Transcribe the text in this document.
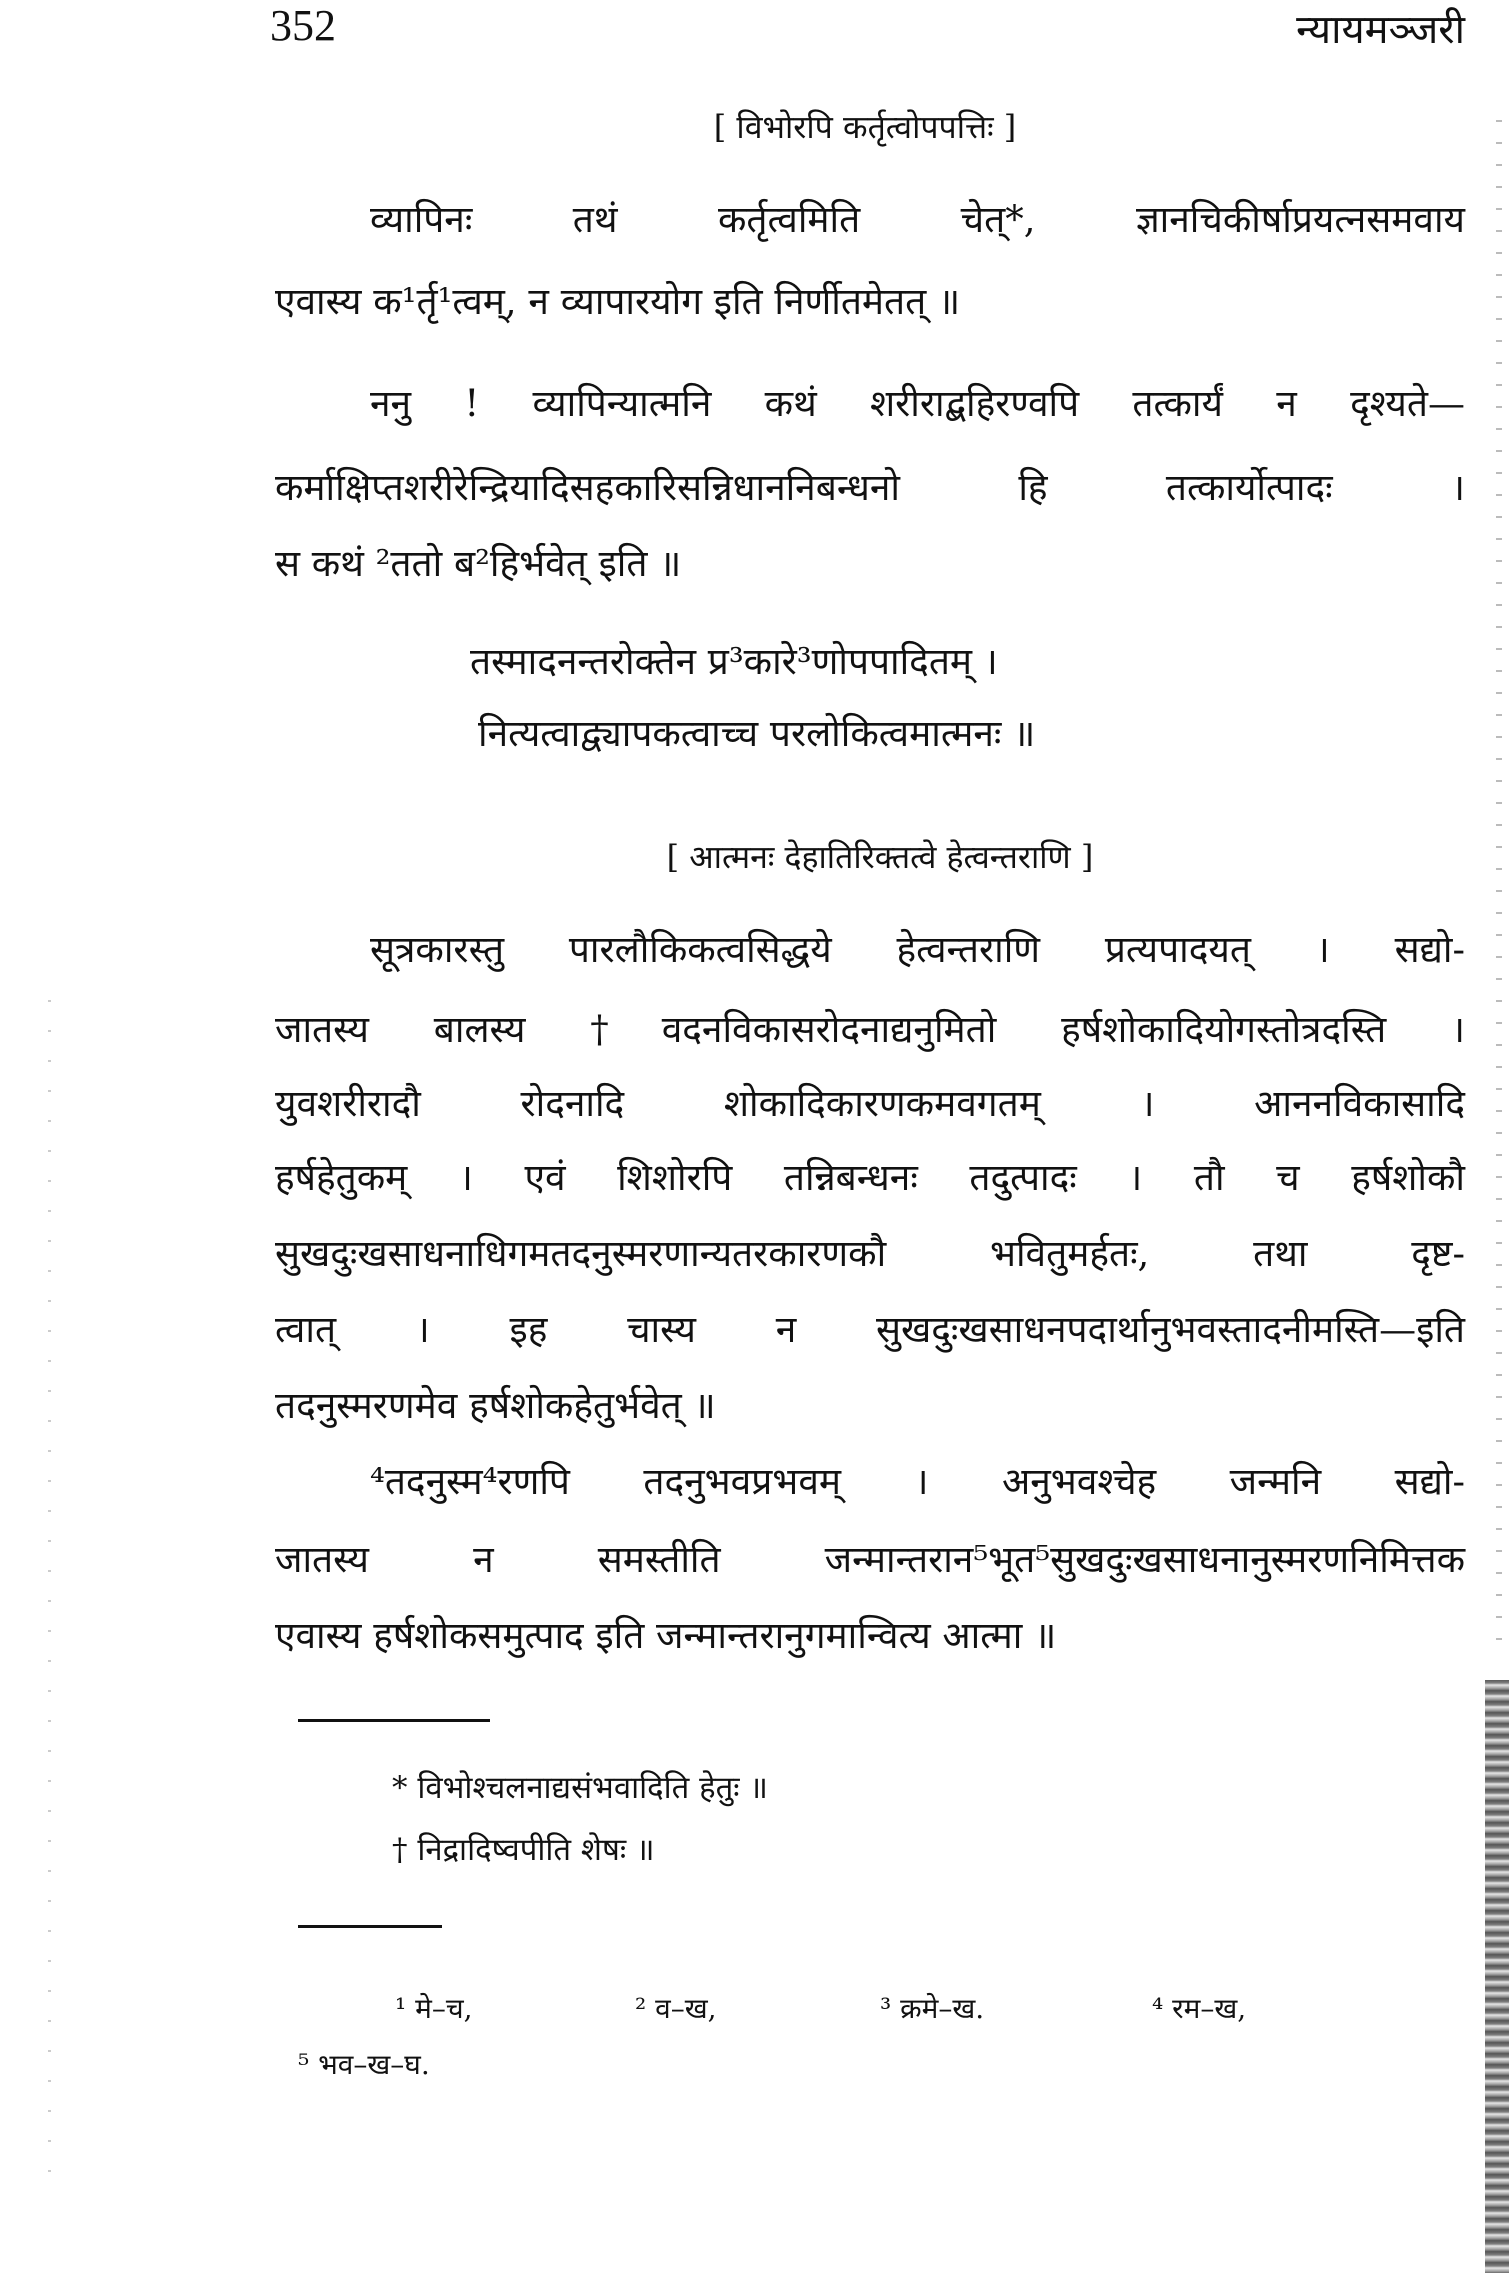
352	न्यायमञ्जरी
[ विभोरपि कर्तृत्वोपपत्तिः ]
व्यापिनः तथं कर्तृत्वमिति चेत्*, ज्ञानचिकीर्षाप्रयत्नसमवाय
एवास्य क¹र्तृ¹त्वम्, न व्यापारयोग इति निर्णीतमेतत् ॥
ननु ! व्यापिन्यात्मनि कथं शरीराद्बहिरण्वपि तत्कार्यं न दृश्यते—
कर्माक्षिप्तशरीरेन्द्रियादिसहकारिसन्निधाननिबन्धनो हि तत्कार्योत्पादः ।
स कथं ²ततो ब²हिर्भवेत् इति ॥
तस्मादनन्तरोक्तेन प्र³कारे³णोपपादितम् ।
नित्यत्वाद्व्यापकत्वाच्च परलोकित्वमात्मनः ॥
[ आत्मनः देहातिरिक्तत्वे हेत्वन्तराणि ]
सूत्रकारस्तु पारलौकिकत्वसिद्धये हेत्वन्तराणि प्रत्यपादयत् । सद्यो-
जातस्य बालस्य †वदनविकासरोदनाद्यनुमितो हर्षशोकादियोगस्तोत्रदस्ति ।
युवशरीरादौ रोदनादि शोकादिकारणकमवगतम् । आननविकासादि
हर्षहेतुकम् । एवं शिशोरपि तन्निबन्धनः तदुत्पादः । तौ च हर्षशोकौ
सुखदुःखसाधनाधिगमतदनुस्मरणान्यतरकारणकौ भवितुमर्हतः, तथा दृष्ट-
त्वात् । इह चास्य न सुखदुःखसाधनपदार्थानुभवस्तादनीमस्ति—इति
तदनुस्मरणमेव हर्षशोकहेतुर्भवेत् ॥
⁴तदनुस्म⁴रणपि तदनुभवप्रभवम् । अनुभवश्चेह जन्मनि सद्यो-
जातस्य न समस्तीति जन्मान्तरान⁵भूत⁵सुखदुःखसाधनानुस्मरणनिमित्तक
एवास्य हर्षशोकसमुत्पाद इति जन्मान्तरानुगमान्वित्य आत्मा ॥
* विभोश्चलनाद्यसंभवादिति हेतुः ॥
† निद्रादिष्वपीति शेषः ॥
¹ मे–च,	² व–ख,	³ क्रमे–ख.	⁴ रम–ख,
⁵ भव–ख–घ.
